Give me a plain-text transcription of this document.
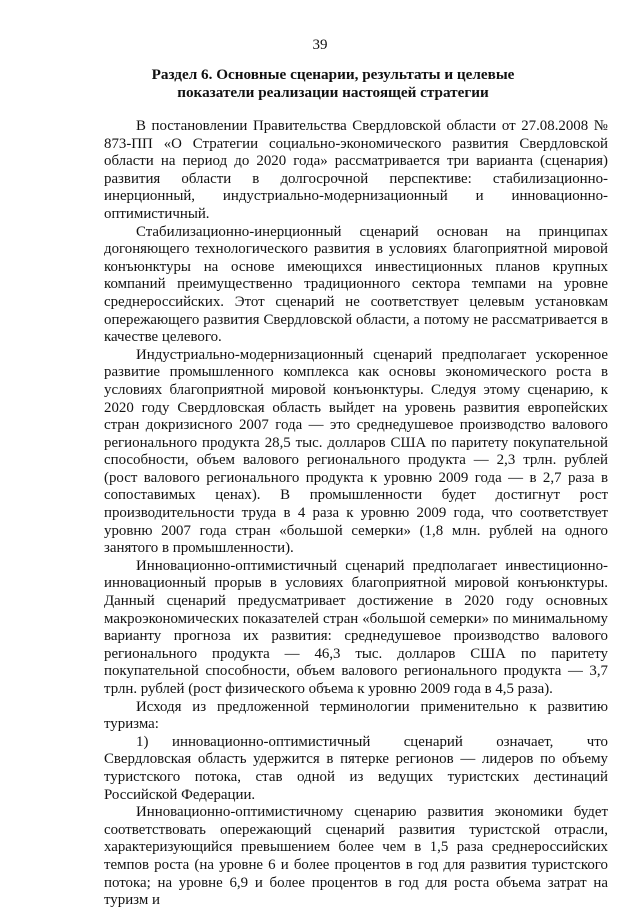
39
Раздел 6. Основные сценарии, результаты и целевые показатели реализации настоящей стратегии

В постановлении Правительства Свердловской области от 27.08.2008 № 873-ПП «О Стратегии социально-экономического развития Свердловской области на период до 2020 года» рассматривается три варианта (сценария) развития области в долгосрочной перспективе: стабилизационно-инерционный, индустриально-модернизационный и инновационно-оптимистичный.

Стабилизационно-инерционный сценарий основан на принципах догоняющего технологического развития в условиях благоприятной мировой конъюнктуры на основе имеющихся инвестиционных планов крупных компаний преимущественно традиционного сектора темпами на уровне среднероссийских. Этот сценарий не соответствует целевым установкам опережающего развития Свердловской области, а потому не рассматривается в качестве целевого.

Индустриально-модернизационный сценарий предполагает ускоренное развитие промышленного комплекса как основы экономического роста в условиях благоприятной мировой конъюнктуры. Следуя этому сценарию, к 2020 году Свердловская область выйдет на уровень развития европейских стран докризисного 2007 года — это среднедушевое производство валового регионального продукта 28,5 тыс. долларов США по паритету покупательной способности, объем валового регионального продукта — 2,3 трлн. рублей (рост валового регионального продукта к уровню 2009 года — в 2,7 раза в сопоставимых ценах). В промышленности будет достигнут рост производительности труда в 4 раза к уровню 2009 года, что соответствует уровню 2007 года стран «большой семерки» (1,8 млн. рублей на одного занятого в промышленности).

Инновационно-оптимистичный сценарий предполагает инвестиционно-инновационный прорыв в условиях благоприятной мировой конъюнктуры. Данный сценарий предусматривает достижение в 2020 году основных макроэкономических показателей стран «большой семерки» по минимальному варианту прогноза их развития: среднедушевое производство валового регионального продукта — 46,3 тыс. долларов США по паритету покупательной способности, объем валового регионального продукта — 3,7 трлн. рублей (рост физического объема к уровню 2009 года в 4,5 раза).

Исходя из предложенной терминологии применительно к развитию туризма:

1) инновационно-оптимистичный сценарий означает, что Свердловская область удержится в пятерке регионов — лидеров по объему туристского потока, став одной из ведущих туристских дестинаций Российской Федерации.

Инновационно-оптимистичному сценарию развития экономики будет соответствовать опережающий сценарий развития туристской отрасли, характеризующийся превышением более чем в 1,5 раза среднероссийских темпов роста (на уровне 6 и более процентов в год для развития туристского потока; на уровне 6,9 и более процентов в год для роста объема затрат на туризм и
